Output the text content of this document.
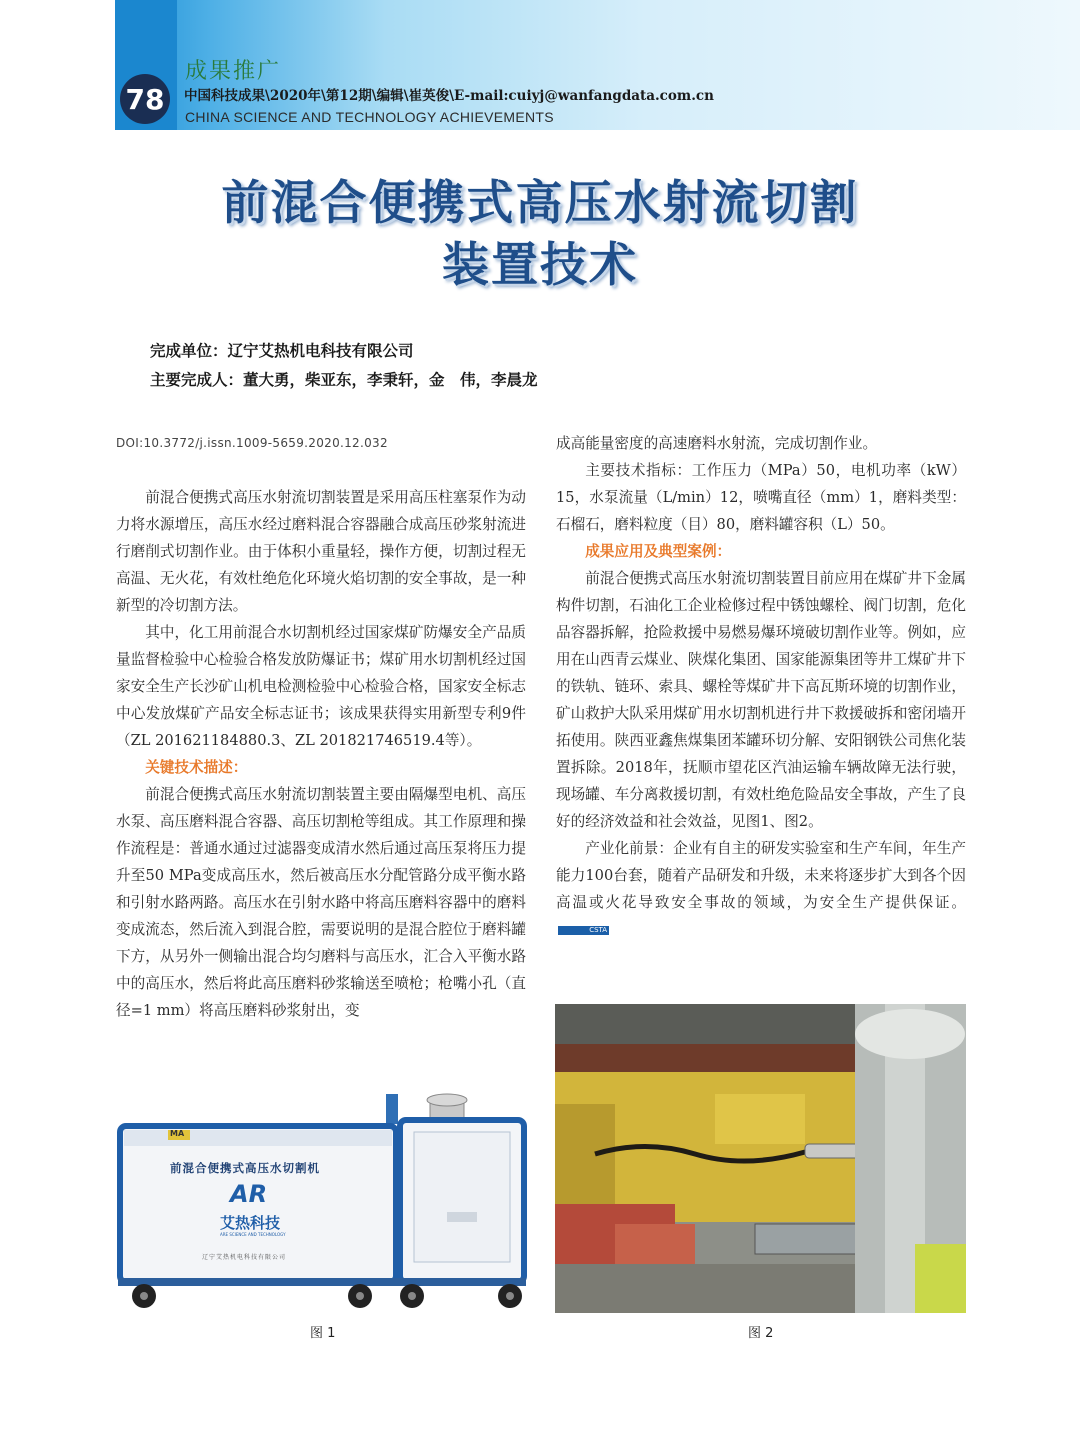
78
成果推广
中国科技成果\2020年\第12期\编辑\崔英俊\E-mail:cuiyj@wanfangdata.com.cn
CHINA SCIENCE AND TECHNOLOGY ACHIEVEMENTS
前混合便携式高压水射流切割
装置技术
完成单位：辽宁艾热机电科技有限公司
主要完成人：董大勇，柴亚东，李秉轩，金　伟，李晨龙
DOI:10.3772/j.issn.1009-5659.2020.12.032

前混合便携式高压水射流切割装置是采用高压柱塞泵作为动力将水源增压，高压水经过磨料混合容器融合成高压砂浆射流进行磨削式切割作业。由于体积小重量轻，操作方便，切割过程无高温、无火花，有效杜绝危化环境火焰切割的安全事故，是一种新型的冷切割方法。

其中，化工用前混合水切割机经过国家煤矿防爆安全产品质量监督检验中心检验合格发放防爆证书；煤矿用水切割机经过国家安全生产长沙矿山机电检测检验中心检验合格，国家安全标志中心发放煤矿产品安全标志证书；该成果获得实用新型专利9件（ZL 201621184880.3、ZL 201821746519.4等）。

关键技术描述：

前混合便携式高压水射流切割装置主要由隔爆型电机、高压水泵、高压磨料混合容器、高压切割枪等组成。其工作原理和操作流程是：普通水通过过滤器变成清水然后通过高压泵将压力提升至50 MPa变成高压水，然后被高压水分配管路分成平衡水路和引射水路两路。高压水在引射水路中将高压磨料容器中的磨料变成流态，然后流入到混合腔，需要说明的是混合腔位于磨料罐下方，从另外一侧输出混合均匀磨料与高压水，汇合入平衡水路中的高压水，然后将此高压磨料砂浆输送至喷枪；枪嘴小孔（直径=1 mm）将高压磨料砂浆射出，变

成高能量密度的高速磨料水射流，完成切割作业。

主要技术指标：工作压力（MPa）50，电机功率（kW）15，水泵流量（L/min）12，喷嘴直径（mm）1，磨料类型：石榴石，磨料粒度（目）80，磨料罐容积（L）50。

成果应用及典型案例：

前混合便携式高压水射流切割装置目前应用在煤矿井下金属构件切割，石油化工企业检修过程中锈蚀螺栓、阀门切割，危化品容器拆解，抢险救援中易燃易爆环境破切割作业等。例如，应用在山西青云煤业、陕煤化集团、国家能源集团等井工煤矿井下的铁轨、链环、索具、螺栓等煤矿井下高瓦斯环境的切割作业，矿山救护大队采用煤矿用水切割机进行井下救援破拆和密闭墙开拓使用。陕西亚鑫焦煤集团苯罐环切分解、安阳钢铁公司焦化装置拆除。2018年，抚顺市望花区汽油运输车辆故障无法行驶，现场罐、车分离救援切割，有效杜绝危险品安全事故，产生了良好的经济效益和社会效益，见图1、图2。

产业化前景：企业有自主的研发实验室和生产车间，年生产能力100台套，随着产品研发和升级，未来将逐步扩大到各个因高温或火花导致安全事故的领域，为安全生产提供保证。CSTA

MA
前混合便携式高压水切割机
AR
艾热科技
ARE SCIENCE AND TECHNOLOGY
辽宁艾热机电科技有限公司
图 1	图 2
